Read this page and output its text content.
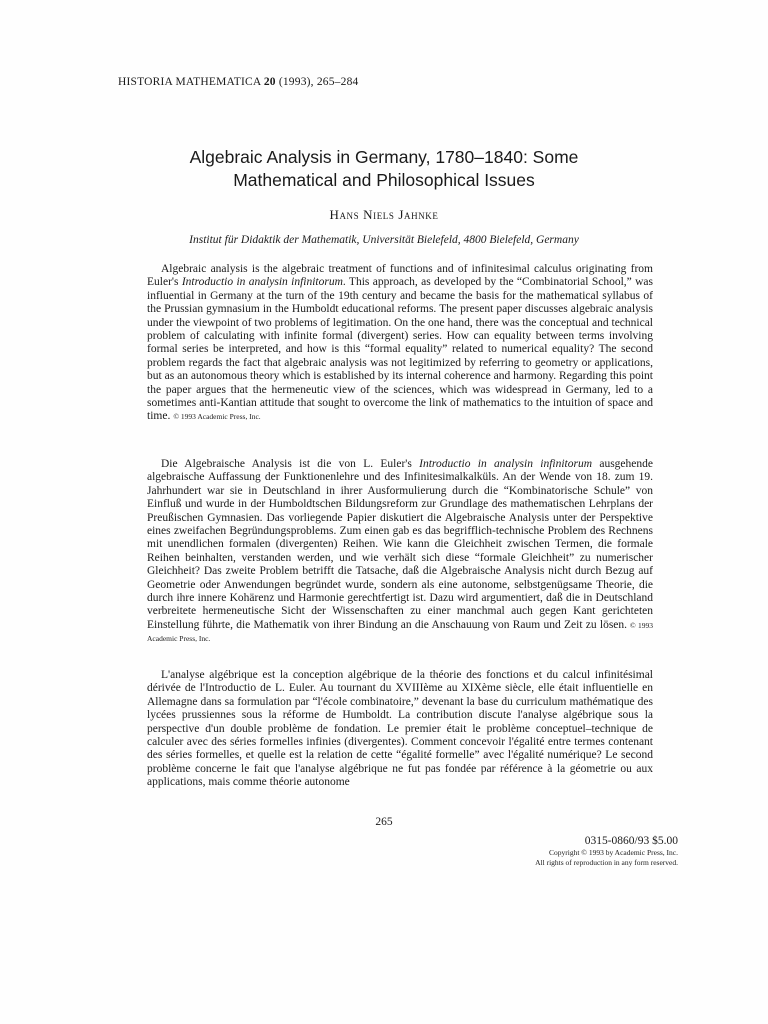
HISTORIA MATHEMATICA 20 (1993), 265–284
Algebraic Analysis in Germany, 1780–1840: Some
Mathematical and Philosophical Issues
Hans Niels Jahnke
Institut für Didaktik der Mathematik, Universität Bielefeld, 4800 Bielefeld, Germany

Algebraic analysis is the algebraic treatment of functions and of infinitesimal calculus originating from Euler's Introductio in analysin infinitorum. This approach, as developed by the “Combinatorial School,” was influential in Germany at the turn of the 19th century and became the basis for the mathematical syllabus of the Prussian gymnasium in the Humboldt educational reforms. The present paper discusses algebraic analysis under the viewpoint of two problems of legitimation. On the one hand, there was the conceptual and technical problem of calculating with infinite formal (divergent) series. How can equality between terms involving formal series be interpreted, and how is this “formal equality” related to numerical equality? The second problem regards the fact that algebraic analysis was not legitimized by referring to geometry or applications, but as an autonomous theory which is established by its internal coherence and harmony. Regarding this point the paper argues that the hermeneutic view of the sciences, which was widespread in Germany, led to a sometimes anti-Kantian attitude that sought to overcome the link of mathematics to the intuition of space and time. © 1993 Academic Press, Inc.

Die Algebraische Analysis ist die von L. Euler's Introductio in analysin infinitorum ausgehende algebraische Auffassung der Funktionenlehre und des Infinitesimalkalküls. An der Wende von 18. zum 19. Jahrhundert war sie in Deutschland in ihrer Ausformulierung durch die “Kombinatorische Schule” von Einfluß und wurde in der Humboldtschen Bildungsreform zur Grundlage des mathematischen Lehrplans der Preußischen Gymnasien. Das vorliegende Papier diskutiert die Algebraische Analysis unter der Perspektive eines zweifachen Begründungsproblems. Zum einen gab es das begrifflich-technische Problem des Rechnens mit unendlichen formalen (divergenten) Reihen. Wie kann die Gleichheit zwischen Termen, die formale Reihen beinhalten, verstanden werden, und wie verhält sich diese “formale Gleichheit” zu numerischer Gleichheit? Das zweite Problem betrifft die Tatsache, daß die Algebraische Analysis nicht durch Bezug auf Geometrie oder Anwendungen begründet wurde, sondern als eine autonome, selbstgenügsame Theorie, die durch ihre innere Kohärenz und Harmonie gerechtfertigt ist. Dazu wird argumentiert, daß die in Deutschland verbreitete hermeneutische Sicht der Wissenschaften zu einer manchmal auch gegen Kant gerichteten Einstellung führte, die Mathematik von ihrer Bindung an die Anschauung von Raum und Zeit zu lösen. © 1993 Academic Press, Inc.

L'analyse algébrique est la conception algébrique de la théorie des fonctions et du calcul infinitésimal dérivée de l'Introductio de L. Euler. Au tournant du XVIIIème au XIXème siècle, elle était influentielle en Allemagne dans sa formulation par “l'école combinatoire,” devenant la base du curriculum mathématique des lycées prussiennes sous la réforme de Humboldt. La contribution discute l'analyse algébrique sous la perspective d'un double problème de fondation. Le premier était le problème conceptuel–technique de calculer avec des séries formelles infinies (divergentes). Comment concevoir l'égalité entre termes contenant des séries formelles, et quelle est la relation de cette “égalité formelle” avec l'égalité numérique? Le second problème concerne le fait que l'analyse algébrique ne fut pas fondée par référence à la géometrie ou aux applications, mais comme théorie autonome

265
0315-0860/93 $5.00
Copyright © 1993 by Academic Press, Inc.
All rights of reproduction in any form reserved.
